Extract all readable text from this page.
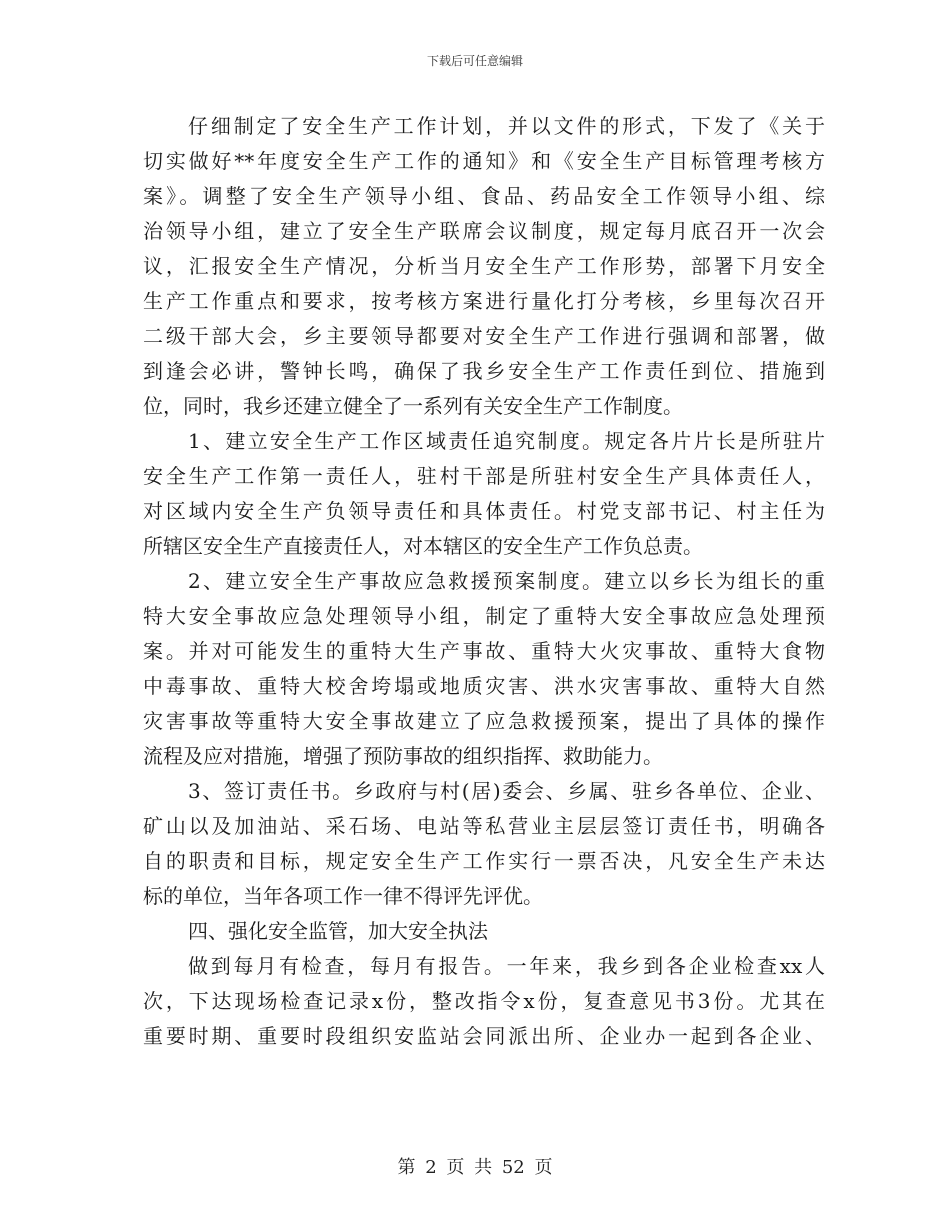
下载后可任意编辑
仔细制定了安全生产工作计划，并以文件的形式，下发了《关于
切实做好**年度安全生产工作的通知》和《安全生产目标管理考核方
案》。调整了安全生产领导小组、食品、药品安全工作领导小组、综
治领导小组，建立了安全生产联席会议制度，规定每月底召开一次会
议，汇报安全生产情况，分析当月安全生产工作形势，部署下月安全
生产工作重点和要求，按考核方案进行量化打分考核，乡里每次召开
二级干部大会，乡主要领导都要对安全生产工作进行强调和部署，做
到逢会必讲，警钟长鸣，确保了我乡安全生产工作责任到位、措施到
位，同时，我乡还建立健全了一系列有关安全生产工作制度。
1、建立安全生产工作区域责任追究制度。规定各片片长是所驻片
安全生产工作第一责任人，驻村干部是所驻村安全生产具体责任人，
对区域内安全生产负领导责任和具体责任。村党支部书记、村主任为
所辖区安全生产直接责任人，对本辖区的安全生产工作负总责。
2、建立安全生产事故应急救援预案制度。建立以乡长为组长的重
特大安全事故应急处理领导小组，制定了重特大安全事故应急处理预
案。并对可能发生的重特大生产事故、重特大火灾事故、重特大食物
中毒事故、重特大校舍垮塌或地质灾害、洪水灾害事故、重特大自然
灾害事故等重特大安全事故建立了应急救援预案，提出了具体的操作
流程及应对措施，增强了预防事故的组织指挥、救助能力。
3、签订责任书。乡政府与村(居)委会、乡属、驻乡各单位、企业、
矿山以及加油站、采石场、电站等私营业主层层签订责任书，明确各
自的职责和目标，规定安全生产工作实行一票否决，凡安全生产未达
标的单位，当年各项工作一律不得评先评优。
四、强化安全监管，加大安全执法
做到每月有检查，每月有报告。一年来，我乡到各企业检查xx人
次，下达现场检查记录x份，整改指令x份，复查意见书3份。尤其在
重要时期、重要时段组织安监站会同派出所、企业办一起到各企业、
第 2 页 共 52 页
